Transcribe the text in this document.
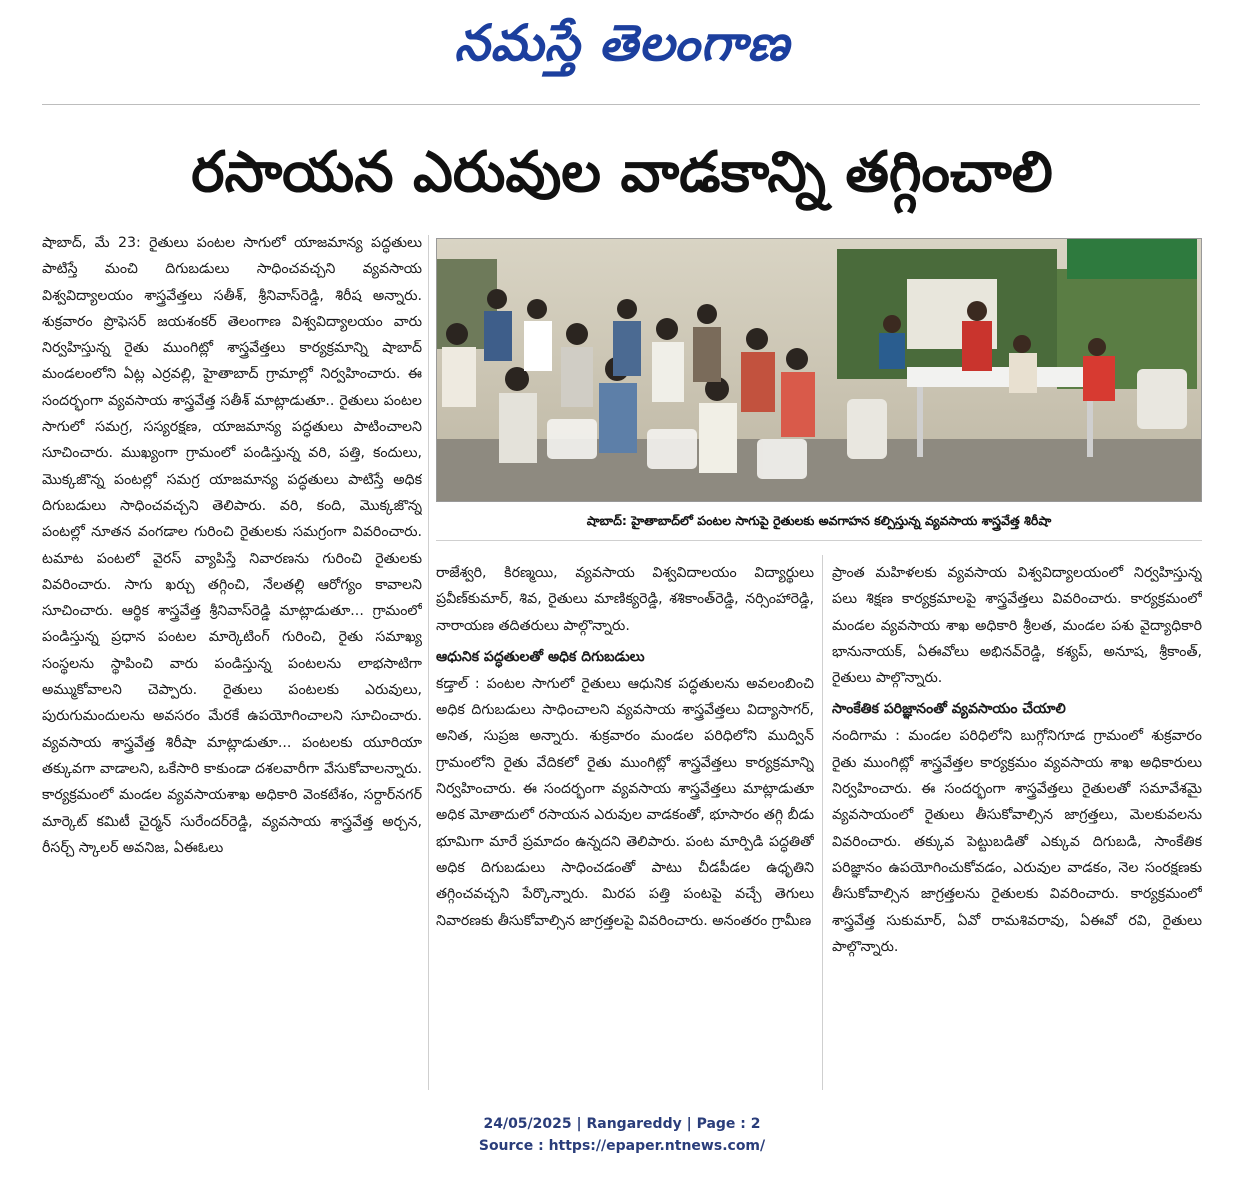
నమస్తే తెలంగాణ
రసాయన ఎరువుల వాడకాన్ని తగ్గించాలి

షాబాద్, మే 23: రైతులు పంటల సాగులో యాజమాన్య పద్ధతులు పాటిస్తే మంచి దిగుబడులు సాధించవచ్చని వ్యవసాయ విశ్వవిద్యాలయం శాస్త్రవేత్తలు సతీశ్, శ్రీనివాస్‌రెడ్డి, శిరీష అన్నారు. శుక్రవారం ప్రొఫెసర్ జయశంకర్ తెలంగాణ విశ్వవిద్యాలయం వారు నిర్వహిస్తున్న రైతు ముంగిట్లో శాస్త్రవేత్తలు కార్యక్రమాన్ని షాబాద్ మండలంలోని ఏట్ల ఎర్రవల్లి, హైతాబాద్ గ్రామాల్లో నిర్వహించారు. ఈ సందర్భంగా వ్యవసాయ శాస్త్రవేత్త సతీశ్ మాట్లాడుతూ.. రైతులు పంటల సాగులో సమగ్ర, సస్యరక్షణ, యాజమాన్య పద్ధతులు పాటించాలని సూచించారు. ముఖ్యంగా గ్రామంలో పండిస్తున్న వరి, పత్తి, కందులు, మొక్కజొన్న పంటల్లో సమగ్ర యాజమాన్య పద్ధతులు పాటిస్తే అధిక దిగుబడులు సాధించవచ్చని తెలిపారు. వరి, కంది, మొక్కజొన్న పంటల్లో నూతన వంగడాల గురించి రైతులకు సమగ్రంగా వివరించారు. టమాట పంటలో వైరస్ వ్యాపిస్తే నివారణను గురించి రైతులకు వివరించారు. సాగు ఖర్చు తగ్గించి, నేలతల్లి ఆరోగ్యం కావాలని సూచించారు. ఆర్థిక శాస్త్రవేత్త శ్రీనివాస్‌రెడ్డి మాట్లాడుతూ... గ్రామంలో పండిస్తున్న ప్రధాన పంటల మార్కెటింగ్ గురించి, రైతు సమాఖ్య సంస్థలను స్థాపించి వారు పండిస్తున్న పంటలను లాభసాటిగా అమ్ముకోవాలని చెప్పారు. రైతులు పంటలకు ఎరువులు, పురుగుమందులను అవసరం మేరకే ఉపయోగించాలని సూచించారు. వ్యవసాయ శాస్త్రవేత్త శిరీషా మాట్లాడుతూ... పంటలకు యూరియా తక్కువగా వాడాలని, ఒకేసారి కాకుండా దశలవారీగా వేసుకోవాలన్నారు. కార్యక్రమంలో మండల వ్యవసాయశాఖ అధికారి వెంకటేశం, సర్దార్‌నగర్ మార్కెట్ కమిటీ చైర్మన్ సురేందర్‌రెడ్డి, వ్యవసాయ శాస్త్రవేత్త అర్చన, రీసర్చ్ స్కాలర్ అవనిజ, ఏఈఓలు

షాబాద్: హైతాబాద్‌లో పంటల సాగుపై రైతులకు అవగాహన కల్పిస్తున్న వ్యవసాయ శాస్త్రవేత్త శిరీషా

రాజేశ్వరి, కిరణ్మయి, వ్యవసాయ విశ్వవిదాలయం విద్యార్థులు ప్రవీణ్‌కుమార్, శివ, రైతులు మాణిక్యరెడ్డి, శశికాంత్‌రెడ్డి, నర్సింహారెడ్డి, నారాయణ తదితరులు పాల్గొన్నారు.

ఆధునిక పద్ధతులతో అధిక దిగుబడులు

కడ్తాల్ : పంటల సాగులో రైతులు ఆధునిక పద్ధతులను అవలంబించి అధిక దిగుబడులు సాధించాలని వ్యవసాయ శాస్త్రవేత్తలు విద్యాసాగర్, అనిత, సుప్రజ అన్నారు. శుక్రవారం మండల పరిధిలోని ముద్విన్ గ్రామంలోని రైతు వేదికలో రైతు ముంగిట్లో శాస్త్రవేత్తలు కార్యక్రమాన్ని నిర్వహించారు. ఈ సందర్భంగా వ్యవసాయ శాస్త్రవేత్తలు మాట్లాడుతూ అధిక మోతాదులో రసాయన ఎరువుల వాడకంతో, భూసారం తగ్గి బీడు భూమిగా మారే ప్రమాదం ఉన్నదని తెలిపారు. పంట మార్పిడి పద్ధతితో అధిక దిగుబడులు సాధించడంతో పాటు చీడపీడల ఉధృతిని తగ్గించవచ్చని పేర్కొన్నారు. మిరప పత్తి పంటపై వచ్చే తెగులు నివారణకు తీసుకోవాల్సిన జాగ్రత్తలపై వివరించారు. అనంతరం గ్రామీణ

ప్రాంత మహిళలకు వ్యవసాయ విశ్వవిద్యాలయంలో నిర్వహిస్తున్న పలు శిక్షణ కార్యక్రమాలపై శాస్త్రవేత్తలు వివరించారు. కార్యక్రమంలో మండల వ్యవసాయ శాఖ అధికారి శ్రీలత, మండల పశు వైద్యాధికారి భానునాయక్, ఏఈవోలు అభినవ్‌రెడ్డి, కశ్యప్, అనూష, శ్రీకాంత్, రైతులు పాల్గొన్నారు.

సాంకేతిక పరిజ్ఞానంతో వ్యవసాయం చేయాలి

నందిగామ : మండల పరిధిలోని బుగ్గోనిగూడ గ్రామంలో శుక్రవారం రైతు ముంగిట్లో శాస్త్రవేత్తల కార్యక్రమం వ్యవసాయ శాఖ అధికారులు నిర్వహించారు. ఈ సందర్భంగా శాస్త్రవేత్తలు రైతులతో సమావేశమై వ్యవసాయంలో రైతులు తీసుకోవాల్సిన జాగ్రత్తలు, మెలకువలను వివరించారు. తక్కువ పెట్టుబడితో ఎక్కువ దిగుబడి, సాంకేతిక పరిజ్ఞానం ఉపయోగించుకోవడం, ఎరువుల వాడకం, నెల సంరక్షణకు తీసుకోవాల్సిన జాగ్రత్తలను రైతులకు వివరించారు. కార్యక్రమంలో శాస్త్రవేత్త సుకుమార్, ఏవో రామశివరావు, ఏఈవో రవి, రైతులు పాల్గొన్నారు.

24/05/2025 | Rangareddy | Page : 2
Source : https://epaper.ntnews.com/
